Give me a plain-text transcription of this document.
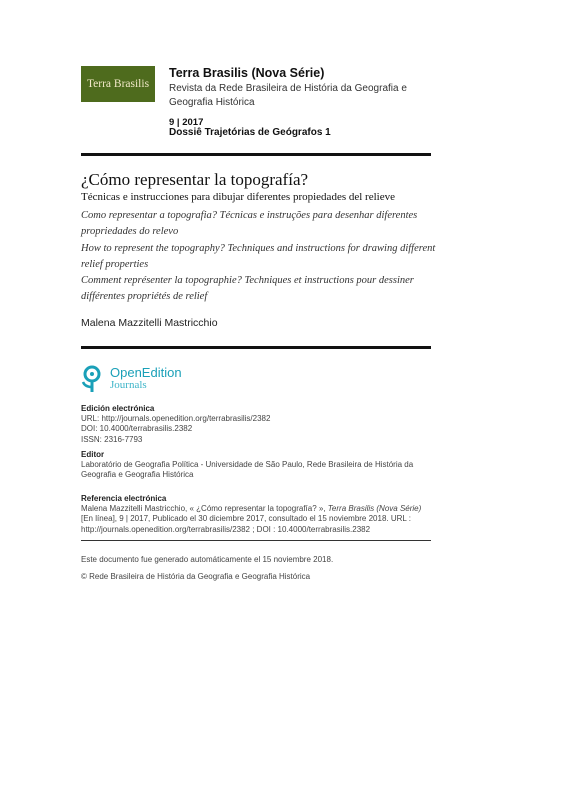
Terra Brasilis
Terra Brasilis (Nova Série)
Revista da Rede Brasileira de História da Geografia e Geografia Histórica
9 | 2017
Dossiê Trajetórias de Geógrafos 1
¿Cómo representar la topografía?
Técnicas e instrucciones para dibujar diferentes propiedades del relieve
Como representar a topografia? Técnicas e instruções para desenhar diferentes propriedades do relevo
How to represent the topography? Techniques and instructions for drawing different relief properties
Comment représenter la topographie? Techniques et instructions pour dessiner différentes propriétés de relief
Malena Mazzitelli Mastricchio
OpenEdition
Journals
Edición electrónica
URL: http://journals.openedition.org/terrabrasilis/2382
DOI: 10.4000/terrabrasilis.2382
ISSN: 2316-7793
Editor
Laboratório de Geografia Política - Universidade de São Paulo, Rede Brasileira de História da Geografia e Geografia Histórica
Referencia electrónica
Malena Mazzitelli Mastricchio, « ¿Cómo representar la topografía? », Terra Brasilis (Nova Série) [En línea], 9 | 2017, Publicado el 30 diciembre 2017, consultado el 15 noviembre 2018. URL : http://journals.openedition.org/terrabrasilis/2382 ; DOI : 10.4000/terrabrasilis.2382
Este documento fue generado automáticamente el 15 noviembre 2018.
© Rede Brasileira de História da Geografia e Geografia Histórica
